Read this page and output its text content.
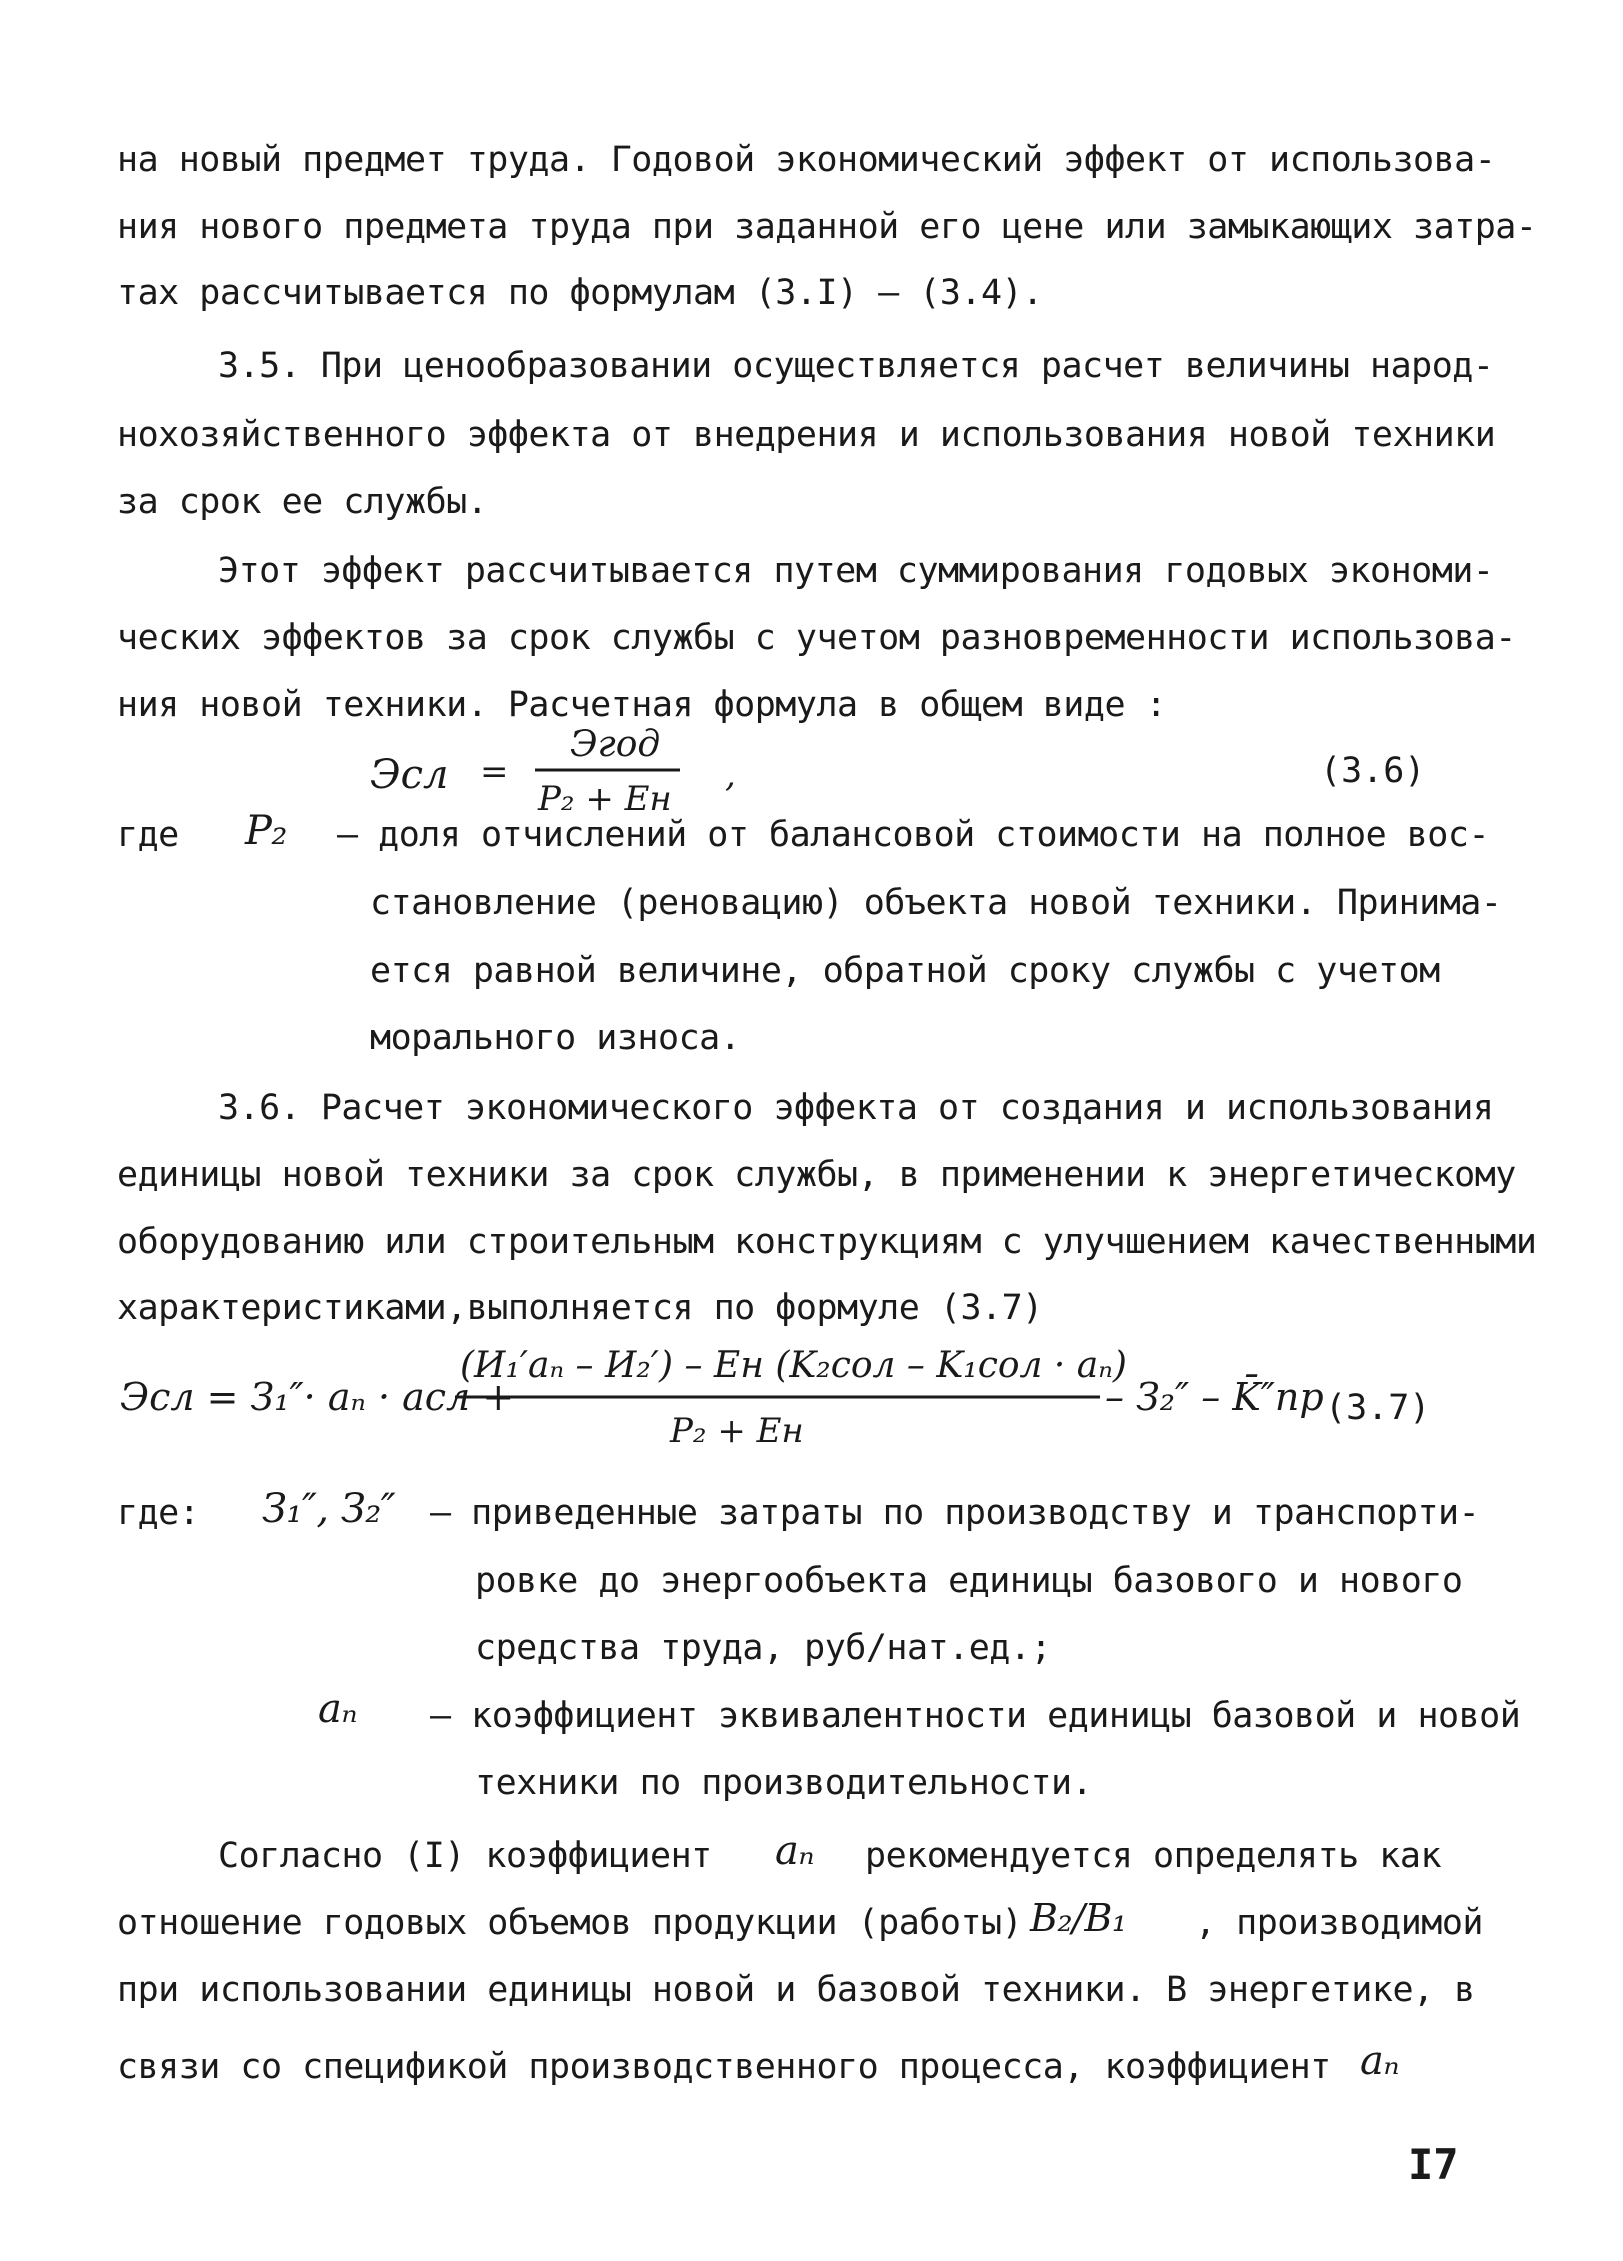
на новый предмет труда. Годовой экономический эффект от использова-
ния нового предмета труда при заданной его цене или замыкающих затра-
тах рассчитывается по формулам (3.I) – (3.4).
3.5. При ценообразовании осуществляется расчет величины народ-
нохозяйственного эффекта от внедрения и использования новой техники
за срок ее службы.
Этот эффект рассчитывается путем суммирования годовых экономи-
ческих эффектов за срок службы с учетом разновременности использова-
ния новой техники. Расчетная формула в общем виде :
Эсл =
Эгод
P₂ + Eн
,	(3.6)
где P₂ – доля отчислений от балансовой стоимости на полное вос-
становление (реновацию) объекта новой техники. Принима-
ется равной величине, обратной сроку службы с учетом
морального износа.
3.6. Расчет экономического эффекта от создания и использования
единицы новой техники за срок службы, в применении к энергетическому
оборудованию или строительным конструкциям с улучшением качественными
характеристиками,выполняется по формуле (3.7)
Эсл = З₁″· aₙ · aсл +
(И₁′aₙ – И₂′) – Eн (K₂сол – K₁сол · aₙ)
P₂ + Eн
– З₂″ – K̄″пр (3.7)
где: З₁″, З₂″ – приведенные затраты по производству и транспорти-
ровке до энергообъекта единицы базового и нового
средства труда, руб/нат.ед.;
aₙ – коэффициент эквивалентности единицы базовой и новой
техники по производительности.
Согласно (I) коэффициент aₙ рекомендуется определять как
отношение годовых объемов продукции (работы) B₂/B₁ , производимой
при использовании единицы новой и базовой техники. В энергетике, в
связи со спецификой производственного процесса, коэффициент aₙ
I7
